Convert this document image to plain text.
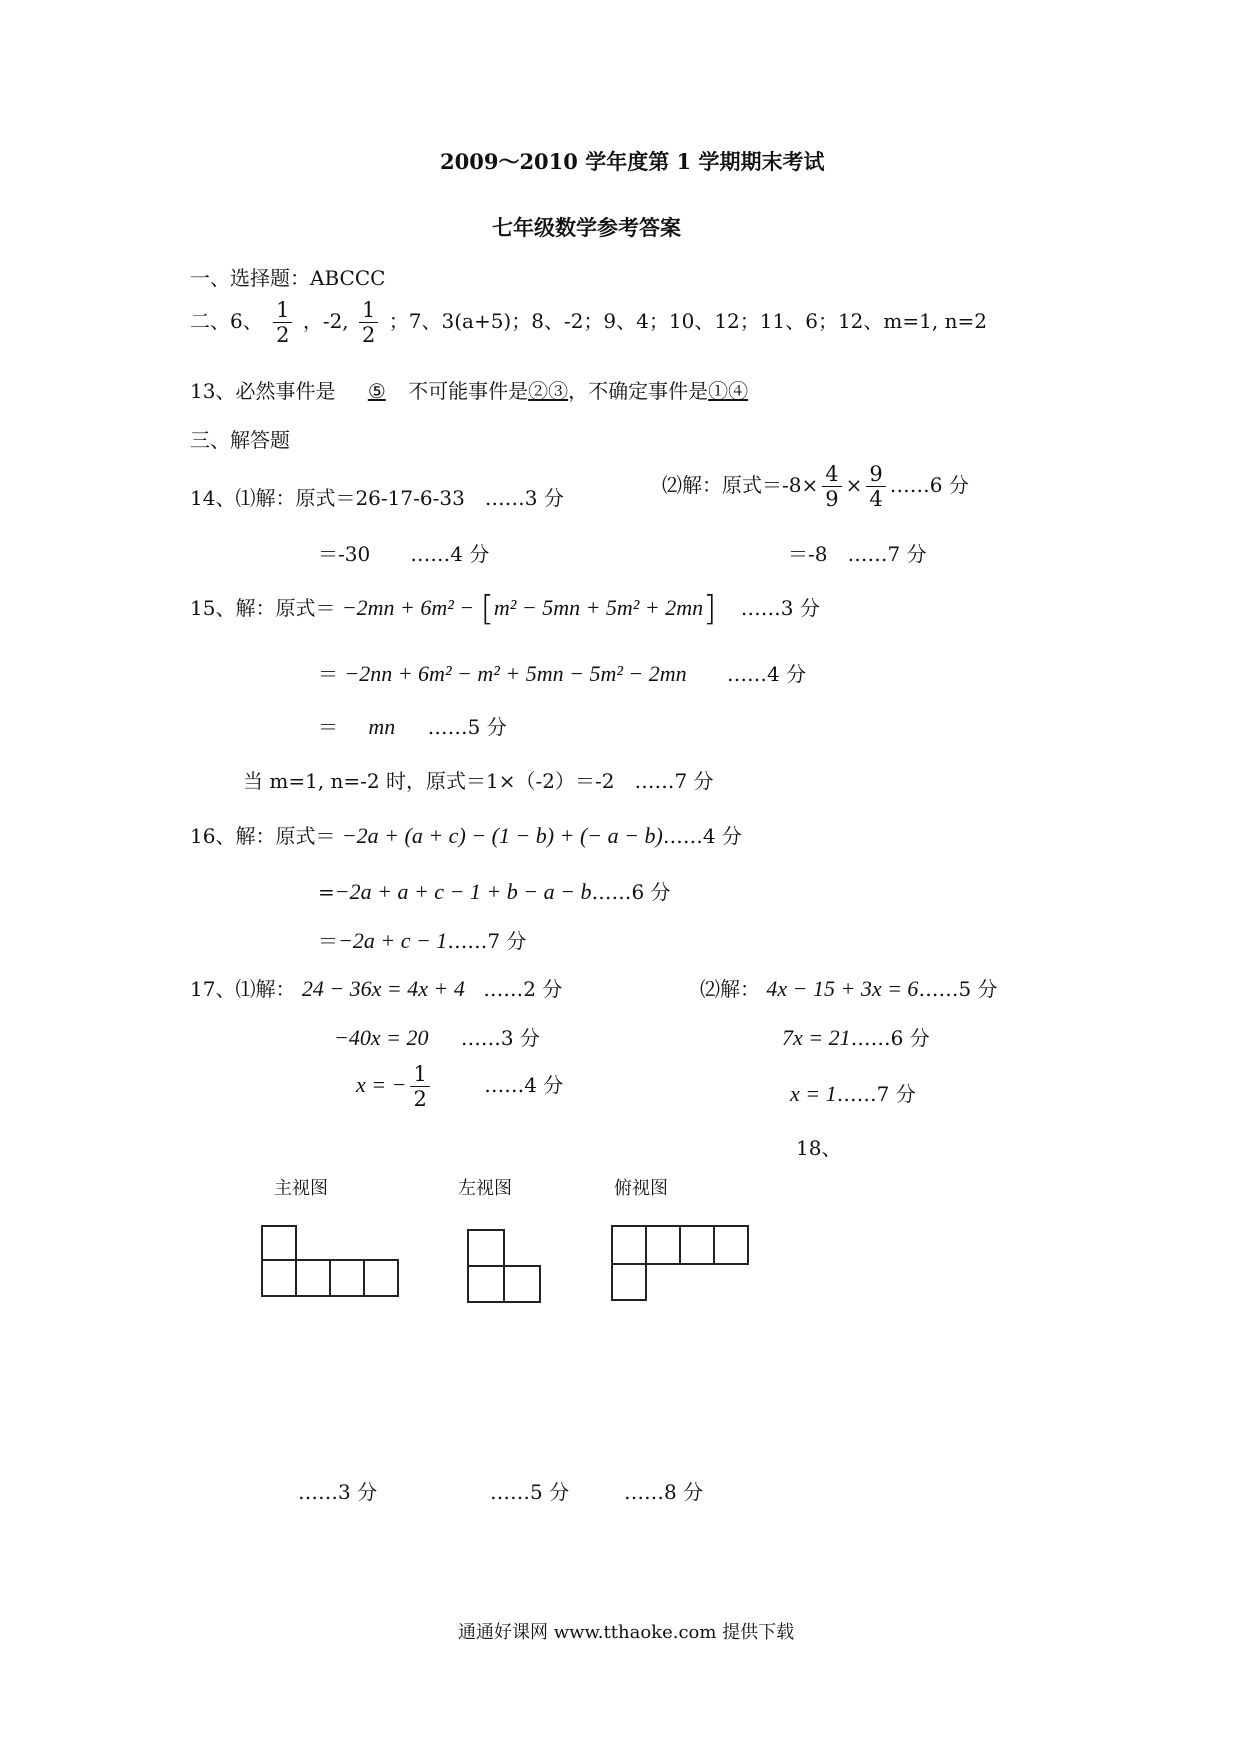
2009～2010 学年度第 1 学期期末考试
七年级数学参考答案
一、选择题：ABCCC
二、6、 $\frac{1}{2}$ ，-2, $\frac{1}{2}$ ；7、3(a+5)；8、-2；9、4；10、12；11、6；12、m=1, n=2
13、必然事件是 ⑤ 不可能事件是②③，不确定事件是①④
三、解答题
14、⑴解：原式＝26-17-6-33　……3 分
＝-30　　……4 分
⑵解：原式$=-8\times \frac{4}{9} \times \frac{9}{4}$ ……6 分
＝-8　……7 分
15、解：原式＝ −2mn + 6m² − [m² − 5mn + 5m² + 2mn] ……3 分
＝ −2nn + 6m² − m² + 5mn − 5m² − 2mn ……4 分
＝ mn ……5 分
当 m=1, n=-2 时，原式＝1×（-2）＝-2　……7 分
16、解：原式＝ −2a + (a + c) − (1 − b) + (− a − b)……4 分
=−2a + a + c − 1 + b − a − b……6 分
＝−2a + c − 1……7 分
17、⑴解： 24 − 36x = 4x + 4 ……2 分
−40x = 20 ……3 分
x = − $\frac{1}{2}$	……4 分
⑵解： 4x − 15 + 3x = 6……5 分
7x = 21……6 分
x = 1……7 分
18、
主视图	左视图	俯视图
……3 分	……5 分	……8 分
通通好课网 www.tthaoke.com 提供下载
